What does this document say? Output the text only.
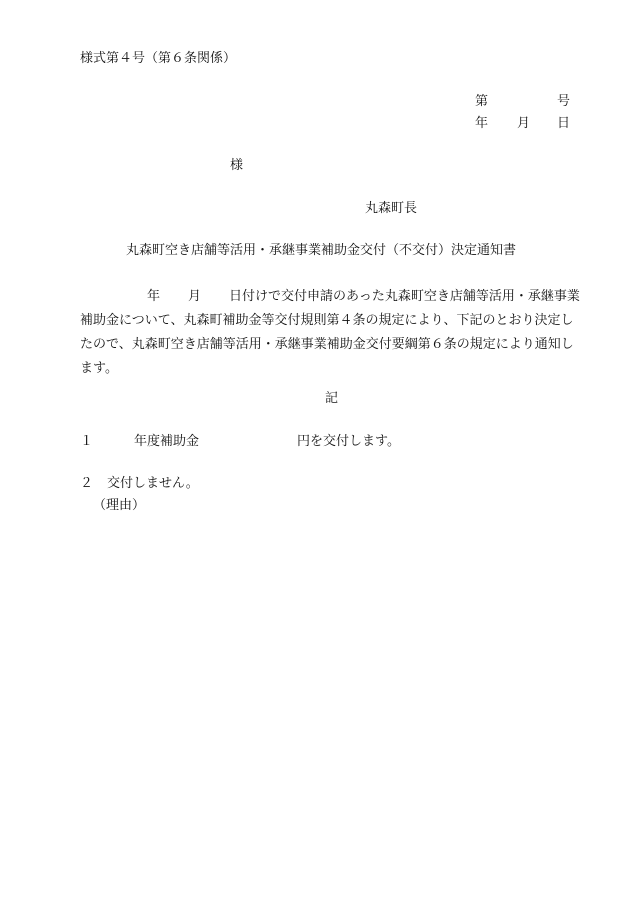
様式第４号（第６条関係）
第	号
年 月 日
様
丸森町長
丸森町空き店舗等活用・承継事業補助金交付（不交付）決定通知書
年 月 日付けで交付申請のあった丸森町空き店舗等活用・承継事業補助金について、丸森町補助金等交付規則第４条の規定により、下記のとおり決定したので、丸森町空き店舗等活用・承継事業補助金交付要綱第６条の規定により通知します。
記
１	年度補助金	円を交付します。
２ 交付しません。
（理由）
